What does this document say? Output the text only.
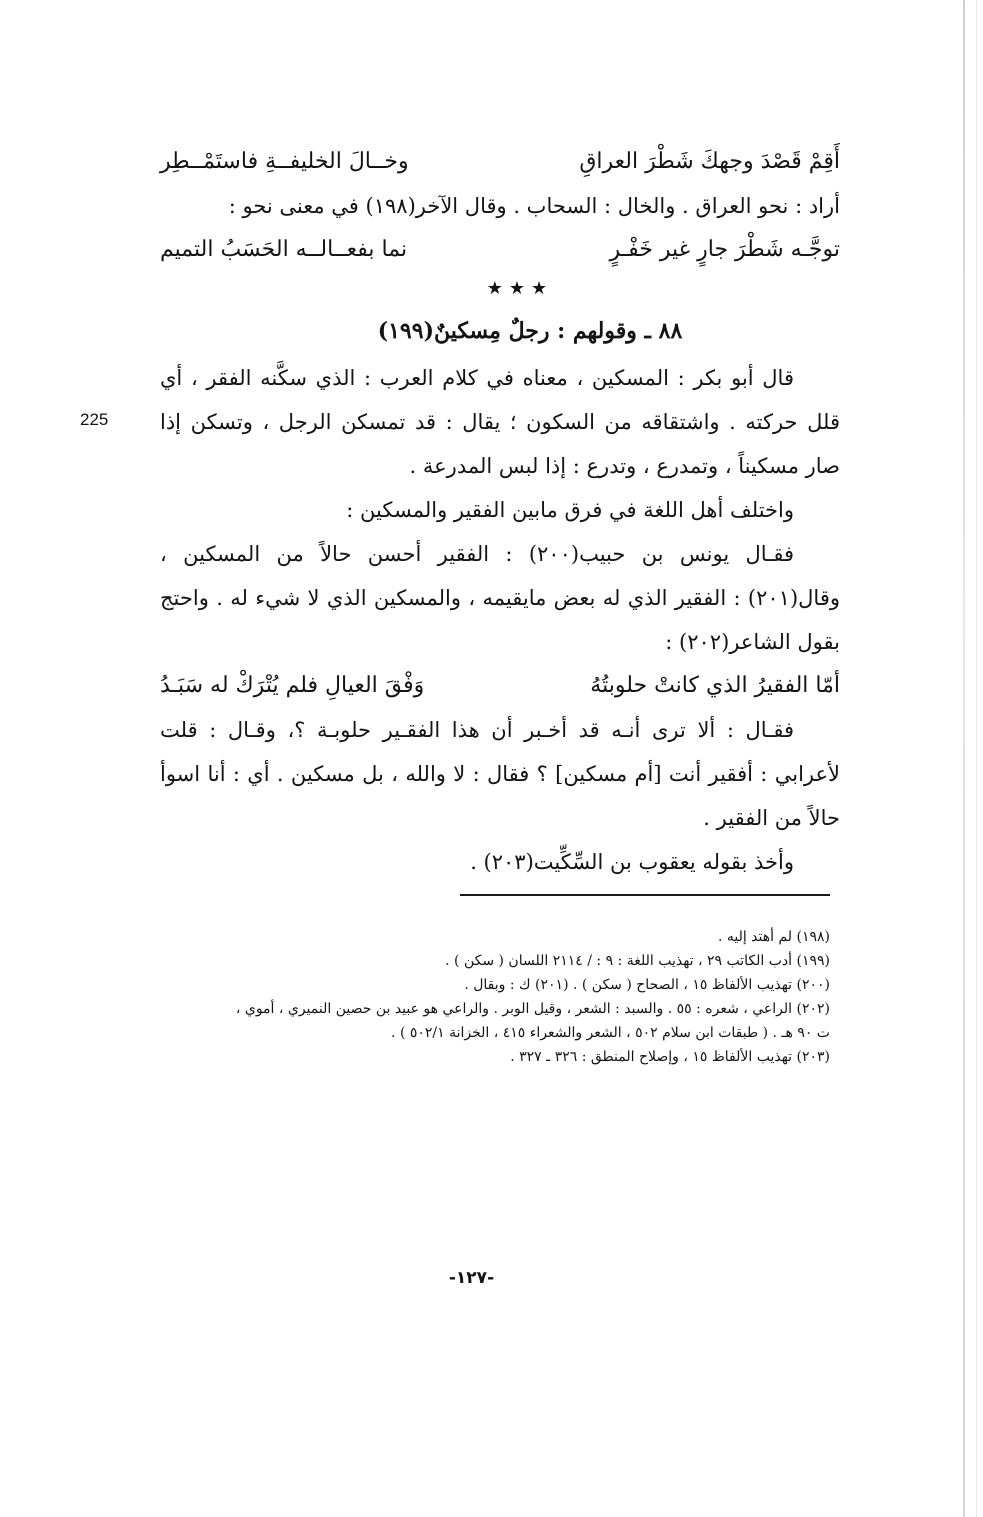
أَقِمْ قَصْدَ وجهكَ شَطْرَ العراقِ
وخــالَ الخليفــةِ فاستَمْــطِر

أراد : نحو العراق . والخال : السحاب . وقال الآخر(١٩٨) في معنى نحو :

توجَّـه شَطْرَ جارٍ غير خَفْـرٍ
نما بفعــالــه الحَسَبُ التميم
★★★
٨٨ ـ وقولهم : رجلٌ مِسكينٌ(١٩٩)

قال أبو بكر : المسكين ، معناه في كلام العرب : الذي سكَّنه الفقر ، أي قلل حركته . واشتقاقه من السكون ؛ يقال : قد تمسكن الرجل ، وتسكن إذا صار مسكيناً ، وتمدرع ، وتدرع : إذا لبس المدرعة .

واختلف أهل اللغة في فرق مابين الفقير والمسكين :

فقـال يونس بن حبيب(٢٠٠) : الفقير أحسن حالاً من المسكين ، وقال(٢٠١) : الفقير الذي له بعض مايقيمه ، والمسكين الذي لا شيء له . واحتج بقول الشاعر(٢٠٢) :

أمّا الفقيرُ الذي كانتْ حلوبتُهُ
وَفْقَ العيالِ فلم يُتْرَكْ له سَبَـدُ

فقـال : ألا ترى أنـه قد أخـبر أن هذا الفقـير حلوبـة ؟، وقـال : قلت لأعرابي : أفقير أنت [أم مسكين] ؟ فقال : لا والله ، بل مسكين . أي : أنا اسوأ حالاً من الفقير .

وأخذ بقوله يعقوب بن السِّكِّيت(٢٠٣) .

225
(١٩٨) لم أهتد إليه .
(١٩٩) أدب الكاتب ٢٩ ، تهذيب اللغة : ٩ : / ٢١١٤ اللسان ( سكن ) .
(٢٠٠) تهذيب الألفاظ ١٥ ، الصحاح ( سكن ) . (٢٠١) ك : وبقال .
(٢٠٢) الراعي ، شعره : ٥٥ . والسبد : الشعر ، وقيل الوبر . والراعي هو عبيد بن حصين النميري ، أموي ،
ت ٩٠ هـ . ( طبقات ابن سلام ٥٠٢ ، الشعر والشعراء ٤١٥ ، الخزانة ٥٠٢/١ ) .
(٢٠٣) تهذيب الألفاظ ١٥ ، وإصلاح المنطق : ٣٢٦ ـ ٣٢٧ .
-١٢٧-
